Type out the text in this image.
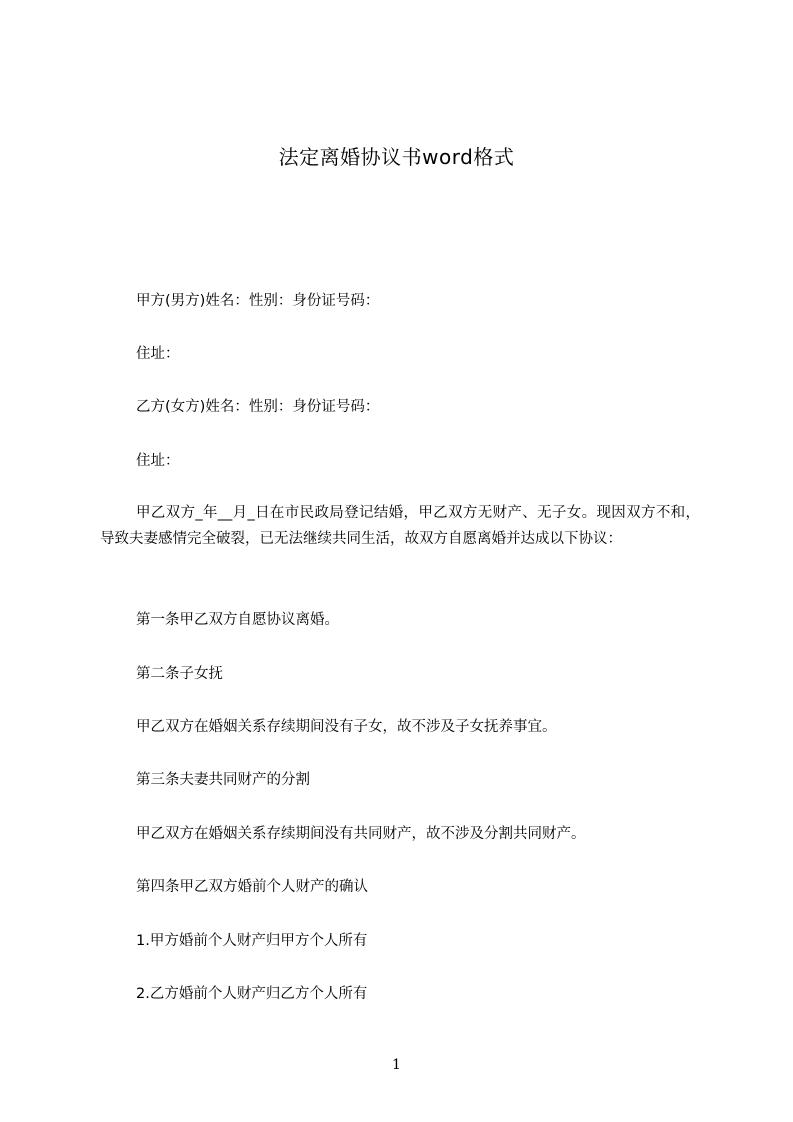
法定离婚协议书word格式
甲方(男方)姓名：性别：身份证号码：
住址：
乙方(女方)姓名：性别：身份证号码：
住址：
甲乙双方_年__月_日在市民政局登记结婚，甲乙双方无财产、无子女。现因双方不和，导致夫妻感情完全破裂，已无法继续共同生活，故双方自愿离婚并达成以下协议：
第一条甲乙双方自愿协议离婚。
第二条子女抚
甲乙双方在婚姻关系存续期间没有子女，故不涉及子女抚养事宜。
第三条夫妻共同财产的分割
甲乙双方在婚姻关系存续期间没有共同财产，故不涉及分割共同财产。
第四条甲乙双方婚前个人财产的确认
1.甲方婚前个人财产归甲方个人所有
2.乙方婚前个人财产归乙方个人所有
1
